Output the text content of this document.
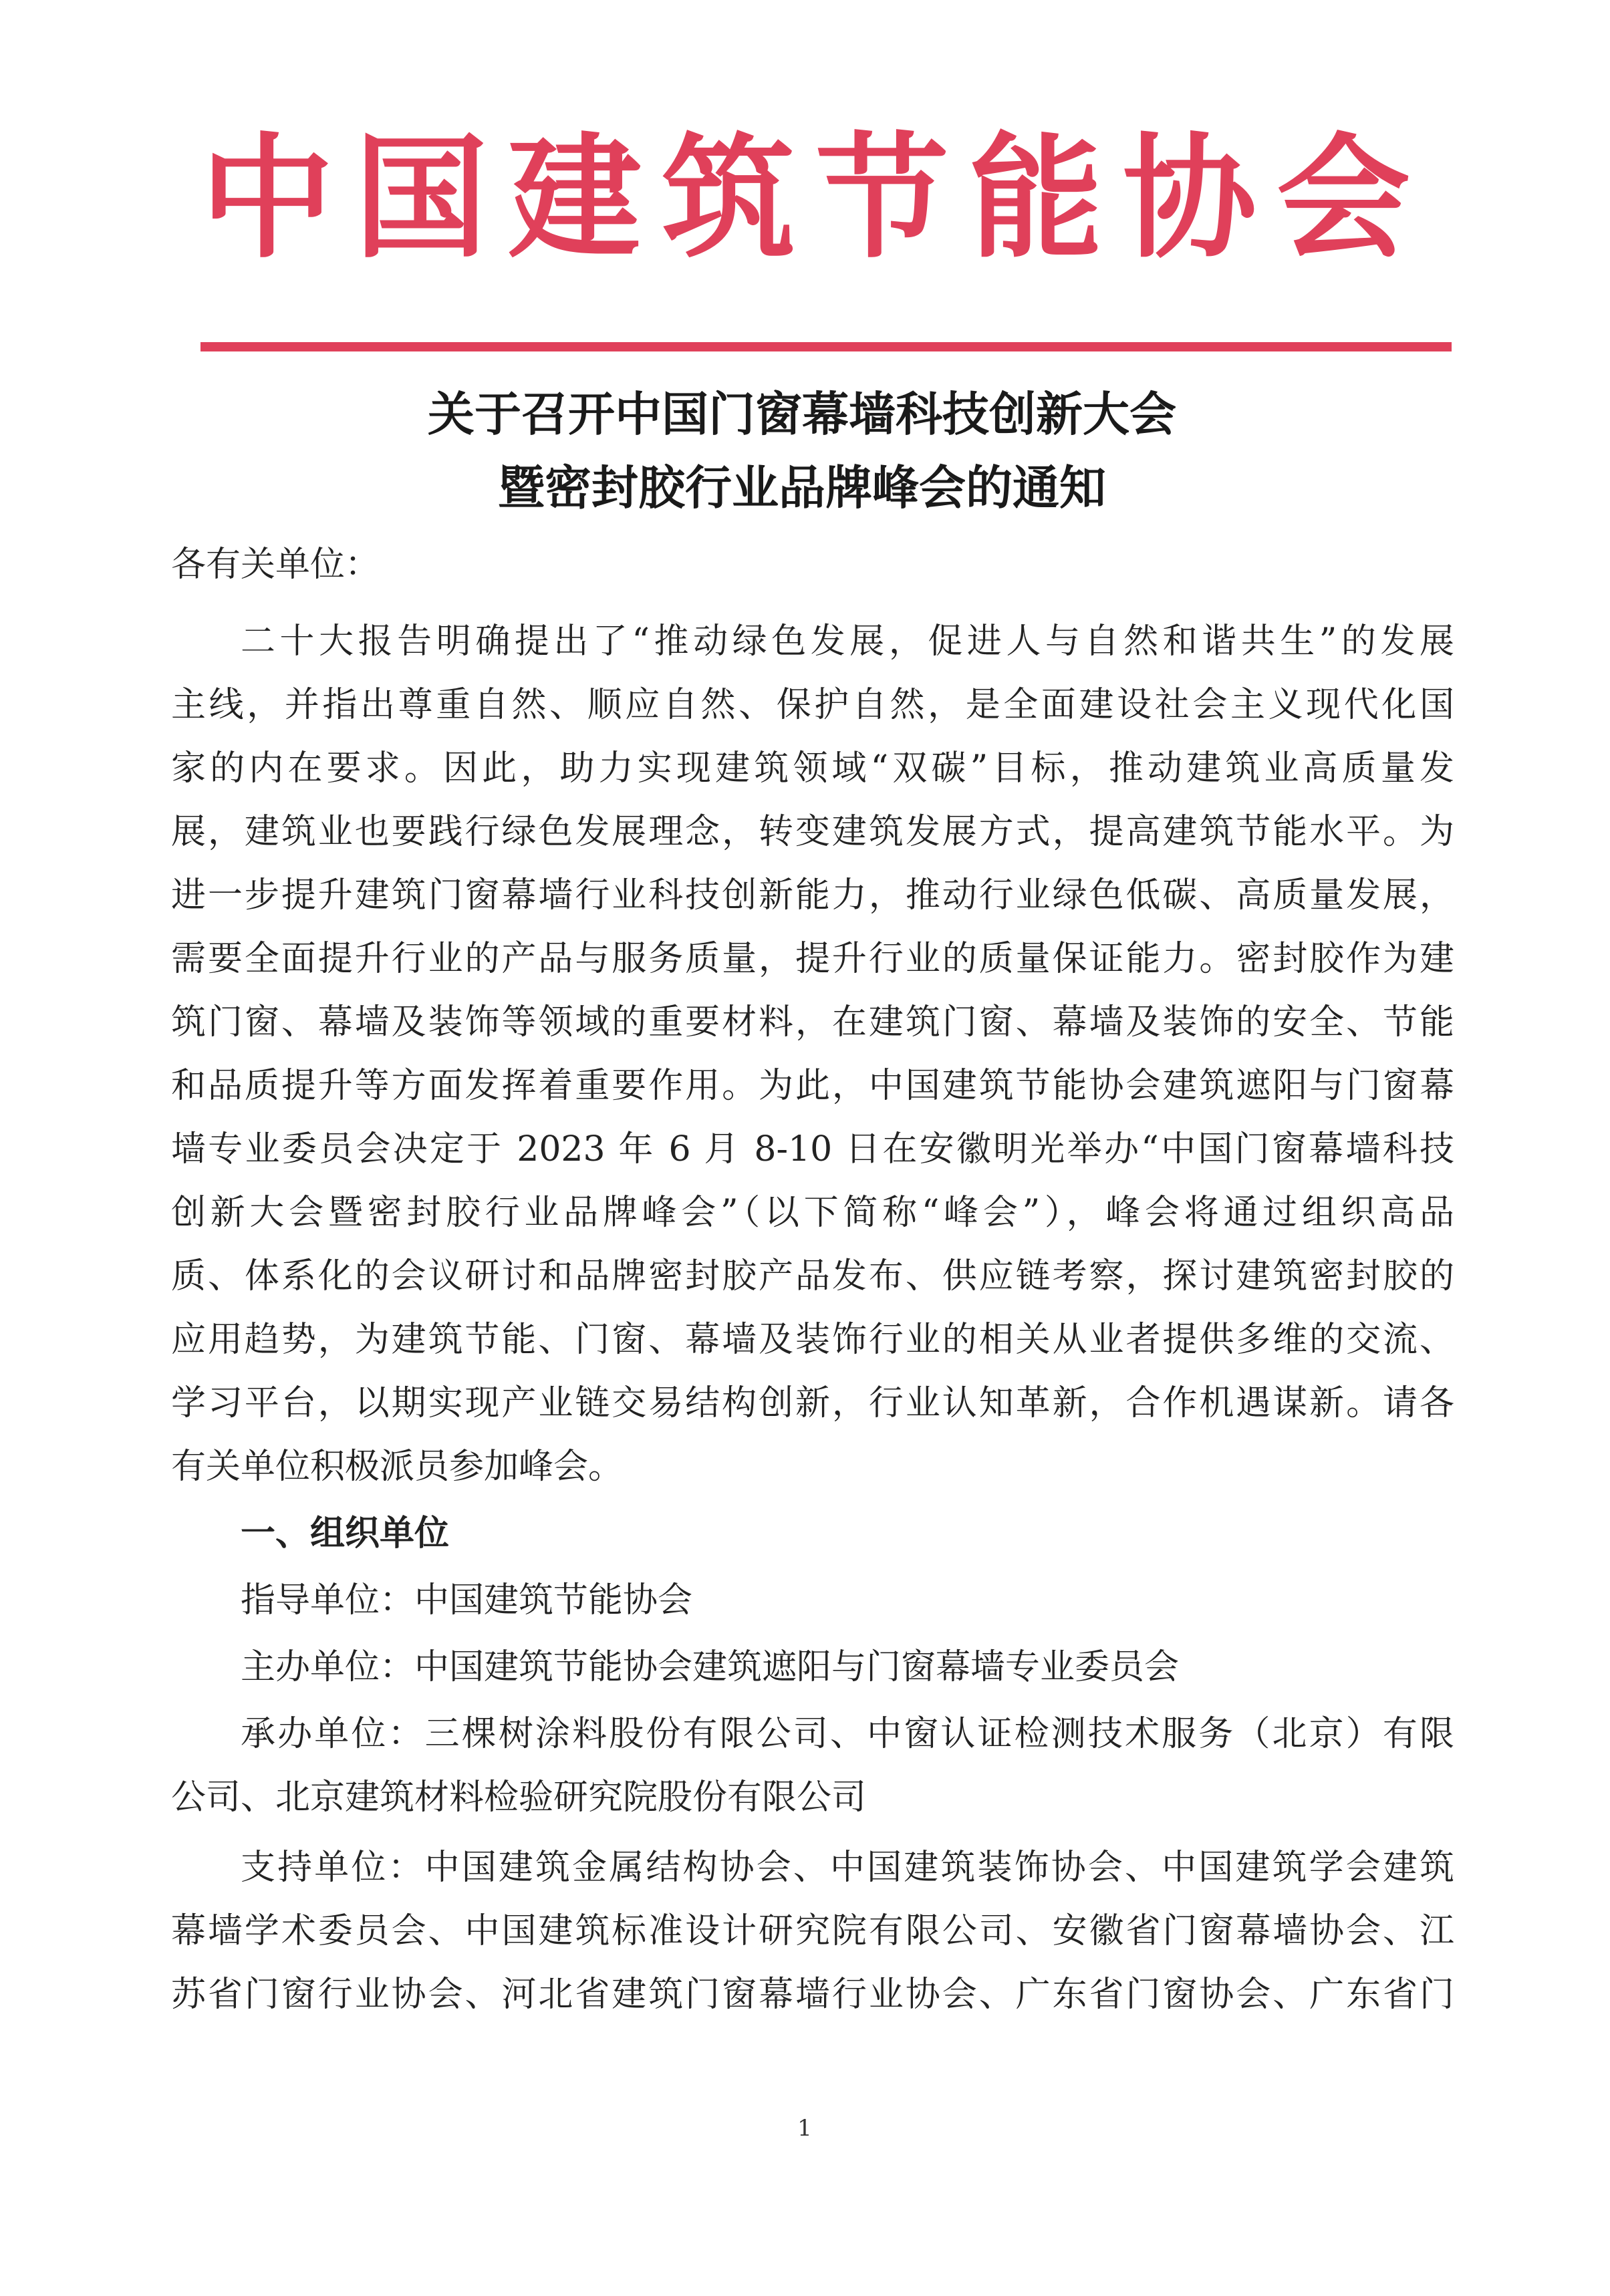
中国建筑节能协会
关于召开中国门窗幕墙科技创新大会
暨密封胶行业品牌峰会的通知
各有关单位：
二十大报告明确提出了“推动绿色发展，促进人与自然和谐共生”的发展
主线，并指出尊重自然、顺应自然、保护自然，是全面建设社会主义现代化国
家的内在要求。因此，助力实现建筑领域“双碳”目标，推动建筑业高质量发
展，建筑业也要践行绿色发展理念，转变建筑发展方式，提高建筑节能水平。为
进一步提升建筑门窗幕墙行业科技创新能力，推动行业绿色低碳、高质量发展，
需要全面提升行业的产品与服务质量，提升行业的质量保证能力。密封胶作为建
筑门窗、幕墙及装饰等领域的重要材料，在建筑门窗、幕墙及装饰的安全、节能
和品质提升等方面发挥着重要作用。为此，中国建筑节能协会建筑遮阳与门窗幕
墙专业委员会决定于 2023 年 6 月 8-10 日在安徽明光举办“中国门窗幕墙科技
创新大会暨密封胶行业品牌峰会”（以下简称“峰会”），峰会将通过组织高品
质、体系化的会议研讨和品牌密封胶产品发布、供应链考察，探讨建筑密封胶的
应用趋势，为建筑节能、门窗、幕墙及装饰行业的相关从业者提供多维的交流、
学习平台，以期实现产业链交易结构创新，行业认知革新，合作机遇谋新。请各
有关单位积极派员参加峰会。
一、组织单位
指导单位：中国建筑节能协会
主办单位：中国建筑节能协会建筑遮阳与门窗幕墙专业委员会
承办单位：三棵树涂料股份有限公司、中窗认证检测技术服务（北京）有限
公司、北京建筑材料检验研究院股份有限公司
支持单位：中国建筑金属结构协会、中国建筑装饰协会、中国建筑学会建筑
幕墙学术委员会、中国建筑标准设计研究院有限公司、安徽省门窗幕墙协会、江
苏省门窗行业协会、河北省建筑门窗幕墙行业协会、广东省门窗协会、广东省门
1
